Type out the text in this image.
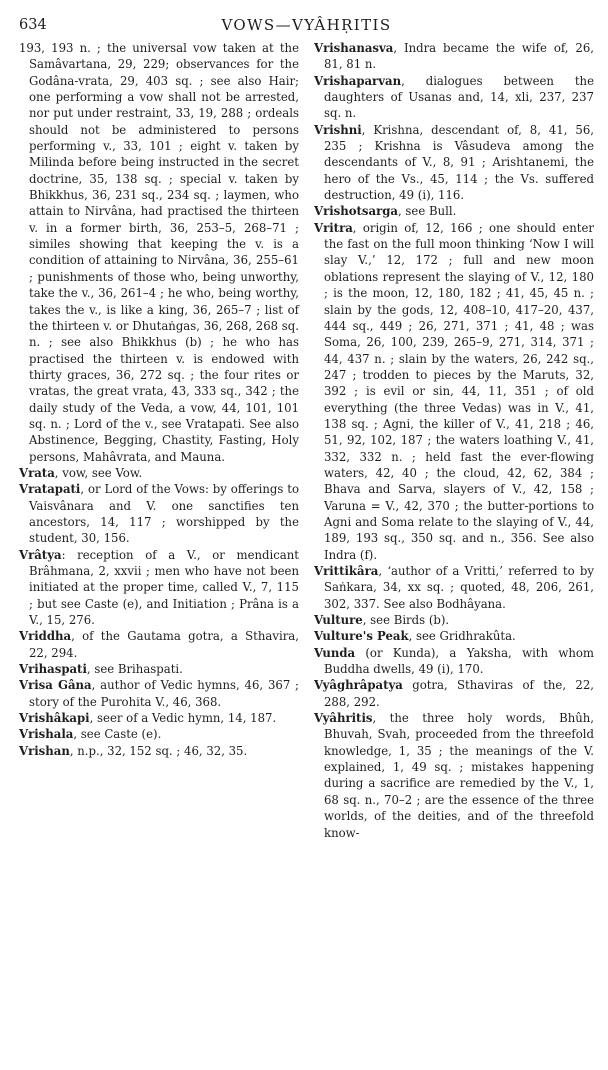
634	VOWS—VYÂHṚITIS

193, 193 n. ; the universal vow taken at the Samâvartana, 29, 229; observances for the Godâna-vrata, 29, 403 sq. ; see also Hair; one performing a vow shall not be arrested, nor put under restraint, 33, 19, 288 ; ordeals should not be administered to persons performing v., 33, 101 ; eight v. taken by Milinda before being instructed in the secret doctrine, 35, 138 sq. ; special v. taken by Bhikkhus, 36, 231 sq., 234 sq. ; laymen, who attain to Nirvâna, had practised the thirteen v. in a former birth, 36, 253–5, 268–71 ; similes showing that keeping the v. is a condition of attaining to Nirvâna, 36, 255–61 ; punishments of those who, being unworthy, take the v., 36, 261–4 ; he who, being worthy, takes the v., is like a king, 36, 265–7 ; list of the thirteen v. or Dhutaṅgas, 36, 268, 268 sq. n. ; see also Bhikkhus (b) ; he who has practised the thirteen v. is endowed with thirty graces, 36, 272 sq. ; the four rites or vratas, the great vrata, 43, 333 sq., 342 ; the daily study of the Veda, a vow, 44, 101, 101 sq. n. ; Lord of the v., see Vratapati. See also Abstinence, Begging, Chastity, Fasting, Holy persons, Mahâvrata, and Mauna.

Vrata, vow, see Vow.

Vratapati, or Lord of the Vows: by offerings to Vaisvânara and V. one sanctifies ten ancestors, 14, 117 ; worshipped by the student, 30, 156.

Vrâtya: reception of a V., or mendicant Brâhmana, 2, xxvii ; men who have not been initiated at the proper time, called V., 7, 115 ; but see Caste (e), and Initiation ; Prâna is a V., 15, 276.

Vriddha, of the Gautama gotra, a Sthavira, 22, 294.

Vrihaspati, see Brihaspati.

Vrisa Gâna, author of Vedic hymns, 46, 367 ; story of the Purohita V., 46, 368.

Vrishâkapi, seer of a Vedic hymn, 14, 187.

Vrishala, see Caste (e).

Vrishan, n.p., 32, 152 sq. ; 46, 32, 35.

Vrishanasva, Indra became the wife of, 26, 81, 81 n.

Vrishaparvan, dialogues between the daughters of Usanas and, 14, xli, 237, 237 sq. n.

Vrishni, Krishna, descendant of, 8, 41, 56, 235 ; Krishna is Vâsudeva among the descendants of V., 8, 91 ; Arishtanemi, the hero of the Vs., 45, 114 ; the Vs. suffered destruction, 49 (i), 116.

Vrishotsarga, see Bull.

Vritra, origin of, 12, 166 ; one should enter the fast on the full moon thinking ‘Now I will slay V.,’ 12, 172 ; full and new moon oblations represent the slaying of V., 12, 180 ; is the moon, 12, 180, 182 ; 41, 45, 45 n. ; slain by the gods, 12, 408–10, 417–20, 437, 444 sq., 449 ; 26, 271, 371 ; 41, 48 ; was Soma, 26, 100, 239, 265–9, 271, 314, 371 ; 44, 437 n. ; slain by the waters, 26, 242 sq., 247 ; trodden to pieces by the Maruts, 32, 392 ; is evil or sin, 44, 11, 351 ; of old everything (the three Vedas) was in V., 41, 138 sq. ; Agni, the killer of V., 41, 218 ; 46, 51, 92, 102, 187 ; the waters loathing V., 41, 332, 332 n. ; held fast the ever-flowing waters, 42, 40 ; the cloud, 42, 62, 384 ; Bhava and Sarva, slayers of V., 42, 158 ; Varuna = V., 42, 370 ; the butter-portions to Agni and Soma relate to the slaying of V., 44, 189, 193 sq., 350 sq. and n., 356. See also Indra (f).

Vrittikâra, ‘author of a Vritti,’ referred to by Saṅkara, 34, xx sq. ; quoted, 48, 206, 261, 302, 337. See also Bodhâyana.

Vulture, see Birds (b).

Vulture's Peak, see Gridhrakûta.

Vunda (or Kunda), a Yaksha, with whom Buddha dwells, 49 (i), 170.

Vyâghrâpatya gotra, Sthaviras of the, 22, 288, 292.

Vyâhritis, the three holy words, Bhûh, Bhuvah, Svah, proceeded from the threefold knowledge, 1, 35 ; the meanings of the V. explained, 1, 49 sq. ; mistakes happening during a sacrifice are remedied by the V., 1, 68 sq. n., 70–2 ; are the essence of the three worlds, of the deities, and of the threefold know-
